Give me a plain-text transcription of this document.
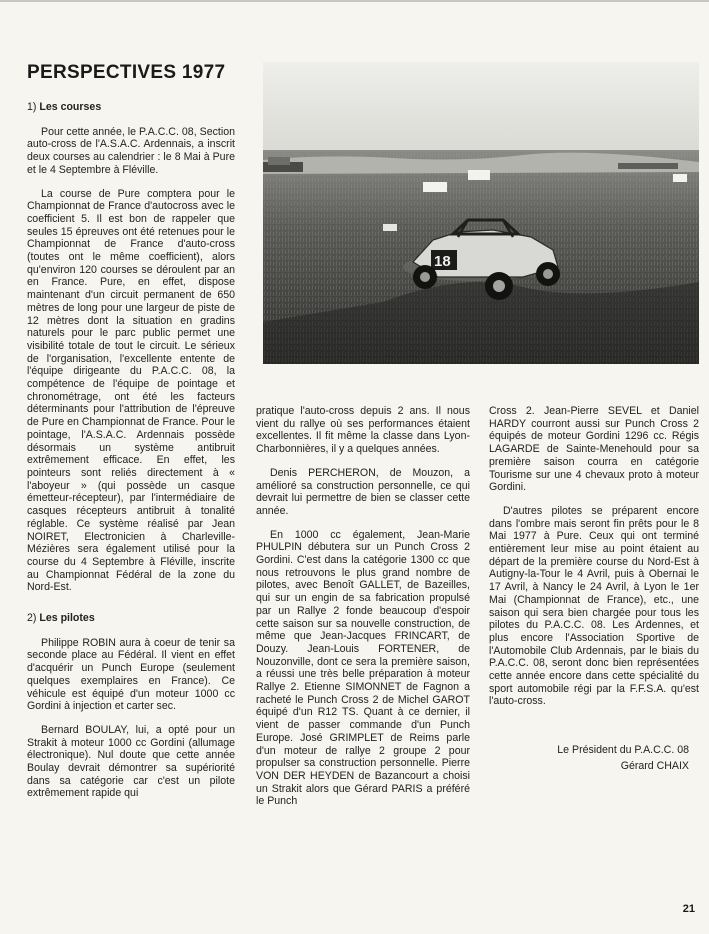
PERSPECTIVES 1977
1) Les courses

Pour cette année, le P.A.C.C. 08, Section auto-cross de l'A.S.A.C. Ardennais, a inscrit deux courses au calendrier : le 8 Mai à Pure et le 4 Septembre à Fléville.

La course de Pure comptera pour le Championnat de France d'autocross avec le coefficient 5. Il est bon de rappeler que seules 15 épreuves ont été retenues pour le Championnat de France d'auto-cross (toutes ont le même coefficient), alors qu'environ 120 courses se déroulent par an en France. Pure, en effet, dispose maintenant d'un circuit permanent de 650 mètres de long pour une largeur de piste de 12 mètres dont la situation en gradins naturels pour le parc public permet une visibilité totale de tout le circuit. Le sérieux de l'organisation, l'excellente entente de l'équipe dirigeante du P.A.C.C. 08, la compétence de l'équipe de pointage et chronométrage, ont été les facteurs déterminants pour l'attribution de l'épreuve de Pure en Championnat de France. Pour le pointage, l'A.S.A.C. Ardennais possède désormais un système antibruit extrêmement efficace. En effet, les pointeurs sont reliés directement à « l'aboyeur » (qui possède un casque émetteur-récepteur), par l'intermédiaire de casques récepteurs antibruit à tonalité réglable. Ce système réalisé par Jean NOIRET, Electronicien à Charleville-Mézières sera également utilisé pour la course du 4 Septembre à Fléville, inscrite au Championnat Fédéral de la zone du Nord-Est.

2) Les pilotes

Philippe ROBIN aura à coeur de tenir sa seconde place au Fédéral. Il vient en effet d'acquérir un Punch Europe (seulement quelques exemplaires en France). Ce véhicule est équipé d'un moteur 1000 cc Gordini à injection et carter sec.

Bernard BOULAY, lui, a opté pour un Strakit à moteur 1000 cc Gordini (allumage électronique). Nul doute que cette année Boulay devrait démontrer sa supériorité dans sa catégorie car c'est un pilote extrêmement rapide qui

18

pratique l'auto-cross depuis 2 ans. Il nous vient du rallye où ses performances étaient excellentes. Il fit même la classe dans Lyon-Charbonnières, il y a quelques années.

Denis PERCHERON, de Mouzon, a amélioré sa construction personnelle, ce qui devrait lui permettre de bien se classer cette année.

En 1000 cc également, Jean-Marie PHULPIN débutera sur un Punch Cross 2 Gordini. C'est dans la catégorie 1300 cc que nous retrouvons le plus grand nombre de pilotes, avec Benoît GALLET, de Bazeilles, qui sur un engin de sa fabrication propulsé par un Rallye 2 fonde beaucoup d'espoir cette saison sur sa nouvelle construction, de même que Jean-Jacques FRINCART, de Douzy. Jean-Louis FORTENER, de Nouzonville, dont ce sera la première saison, a réussi une très belle préparation à moteur Rallye 2. Etienne SIMONNET de Fagnon a racheté le Punch Cross 2 de Michel GAROT équipé d'un R12 TS. Quant à ce dernier, il vient de passer commande d'un Punch Europe. José GRIMPLET de Reims parle d'un moteur de rallye 2 groupe 2 pour propulser sa construction personnelle. Pierre VON DER HEYDEN de Bazancourt a choisi un Strakit alors que Gérard PARIS a préféré le Punch

Cross 2. Jean-Pierre SEVEL et Daniel HARDY courront aussi sur Punch Cross 2 équipés de moteur Gordini 1296 cc. Régis LAGARDE de Sainte-Menehould pour sa première saison courra en catégorie Tourisme sur une 4 chevaux proto à moteur Gordini.

D'autres pilotes se préparent encore dans l'ombre mais seront fin prêts pour le 8 Mai 1977 à Pure. Ceux qui ont terminé entièrement leur mise au point étaient au départ de la première course du Nord-Est à Autigny-la-Tour le 4 Avril, puis à Obernai le 17 Avril, à Nancy le 24 Avril, à Lyon le 1er Mai (Championnat de France), etc., une saison qui sera bien chargée pour tous les pilotes du P.A.C.C. 08. Les Ardennes, et plus encore l'Association Sportive de l'Automobile Club Ardennais, par le biais du P.A.C.C. 08, seront donc bien représentées cette année encore dans cette spécialité du sport automobile régi par la F.F.S.A. qu'est l'auto-cross.

Le Président du P.A.C.C. 08
Gérard CHAIX
21
